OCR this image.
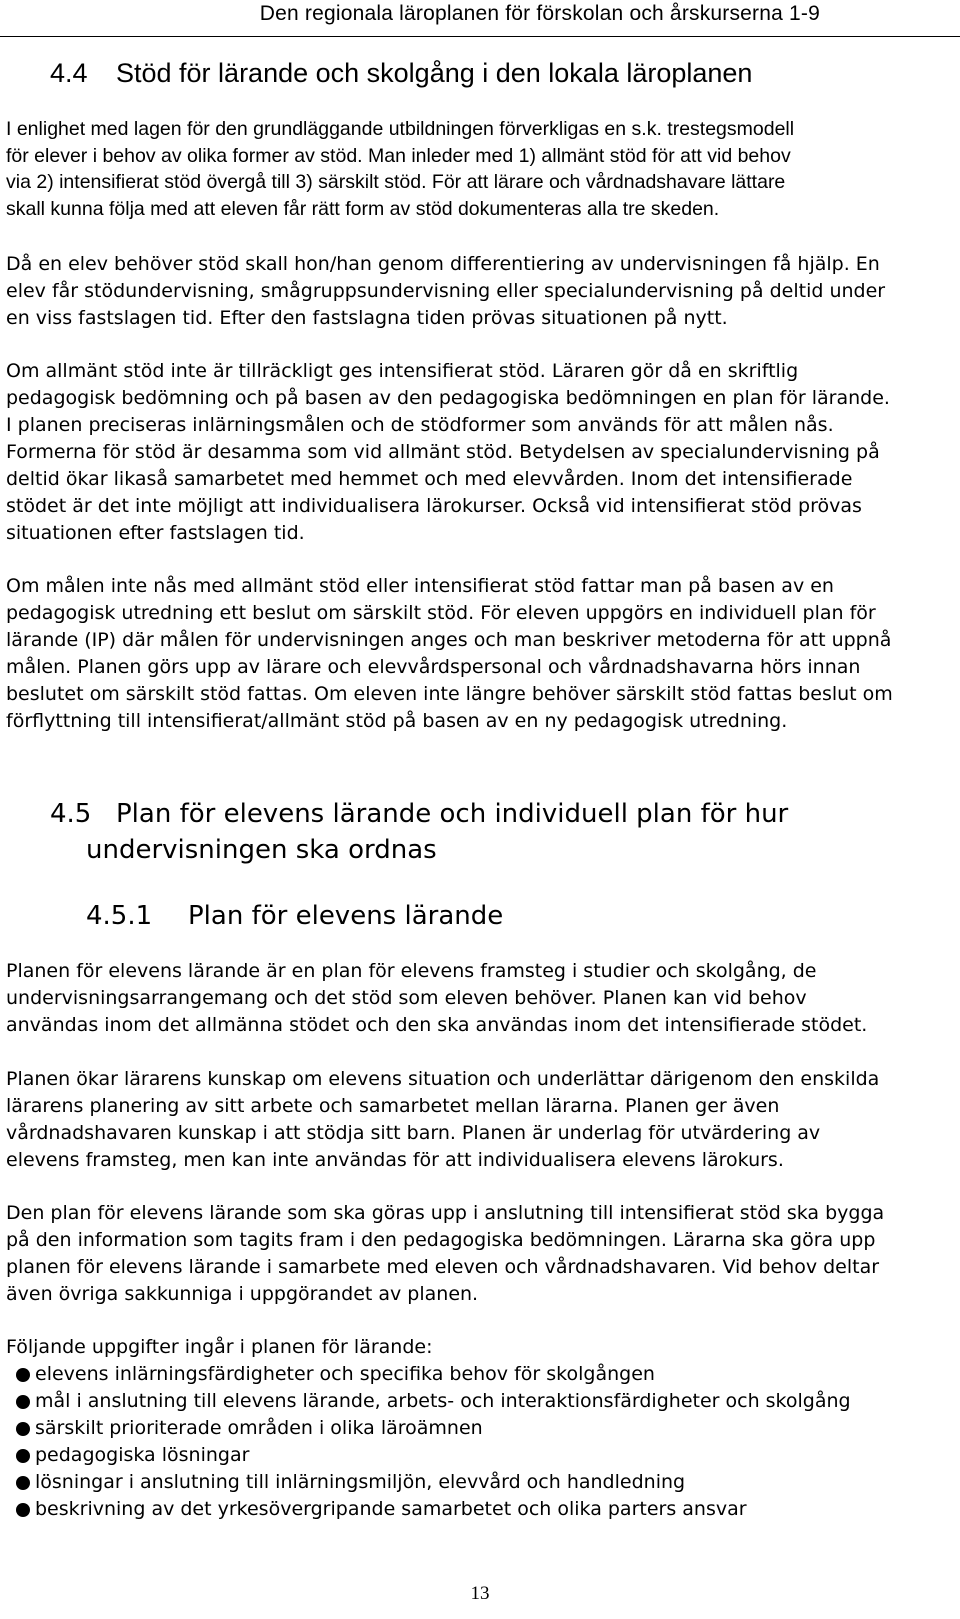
Den regionala läroplanen för förskolan och årskurserna 1-9
4.4 Stöd för lärande och skolgång i den lokala läroplanen
I enlighet med lagen för den grundläggande utbildningen förverkligas en s.k. trestegsmodell
för elever i behov av olika former av stöd. Man inleder med 1) allmänt stöd för att vid behov
via 2) intensifierat stöd övergå till 3) särskilt stöd. För att lärare och vårdnadshavare lättare
skall kunna följa med att eleven får rätt form av stöd dokumenteras alla tre skeden.
Då en elev behöver stöd skall hon/han genom differentiering av undervisningen få hjälp. En
elev får stödundervisning, smågruppsundervisning eller specialundervisning på deltid under
en viss fastslagen tid. Efter den fastslagna tiden prövas situationen på nytt.
Om allmänt stöd inte är tillräckligt ges intensifierat stöd. Läraren gör då en skriftlig
pedagogisk bedömning och på basen av den pedagogiska bedömningen en plan för lärande.
I planen preciseras inlärningsmålen och de stödformer som används för att målen nås.
Formerna för stöd är desamma som vid allmänt stöd. Betydelsen av specialundervisning på
deltid ökar likaså samarbetet med hemmet och med elevvården. Inom det intensifierade
stödet är det inte möjligt att individualisera lärokurser. Också vid intensifierat stöd prövas
situationen efter fastslagen tid.
Om målen inte nås med allmänt stöd eller intensifierat stöd fattar man på basen av en
pedagogisk utredning ett beslut om särskilt stöd. För eleven uppgörs en individuell plan för
lärande (IP) där målen för undervisningen anges och man beskriver metoderna för att uppnå
målen. Planen görs upp av lärare och elevvårdspersonal och vårdnadshavarna hörs innan
beslutet om särskilt stöd fattas. Om eleven inte längre behöver särskilt stöd fattas beslut om
förflyttning till intensifierat/allmänt stöd på basen av en ny pedagogisk utredning.
4.5 Plan för elevens lärande och individuell plan för hur
undervisningen ska ordnas
4.5.1 Plan för elevens lärande
Planen för elevens lärande är en plan för elevens framsteg i studier och skolgång, de
undervisningsarrangemang och det stöd som eleven behöver. Planen kan vid behov
användas inom det allmänna stödet och den ska användas inom det intensifierade stödet.
Planen ökar lärarens kunskap om elevens situation och underlättar därigenom den enskilda
lärarens planering av sitt arbete och samarbetet mellan lärarna. Planen ger även
vårdnadshavaren kunskap i att stödja sitt barn. Planen är underlag för utvärdering av
elevens framsteg, men kan inte användas för att individualisera elevens lärokurs.
Den plan för elevens lärande som ska göras upp i anslutning till intensifierat stöd ska bygga
på den information som tagits fram i den pedagogiska bedömningen. Lärarna ska göra upp
planen för elevens lärande i samarbete med eleven och vårdnadshavaren. Vid behov deltar
även övriga sakkunniga i uppgörandet av planen.
Följande uppgifter ingår i planen för lärande:
elevens inlärningsfärdigheter och specifika behov för skolgången
mål i anslutning till elevens lärande, arbets- och interaktionsfärdigheter och skolgång
särskilt prioriterade områden i olika läroämnen
pedagogiska lösningar
lösningar i anslutning till inlärningsmiljön, elevvård och handledning
beskrivning av det yrkesövergripande samarbetet och olika parters ansvar
13
